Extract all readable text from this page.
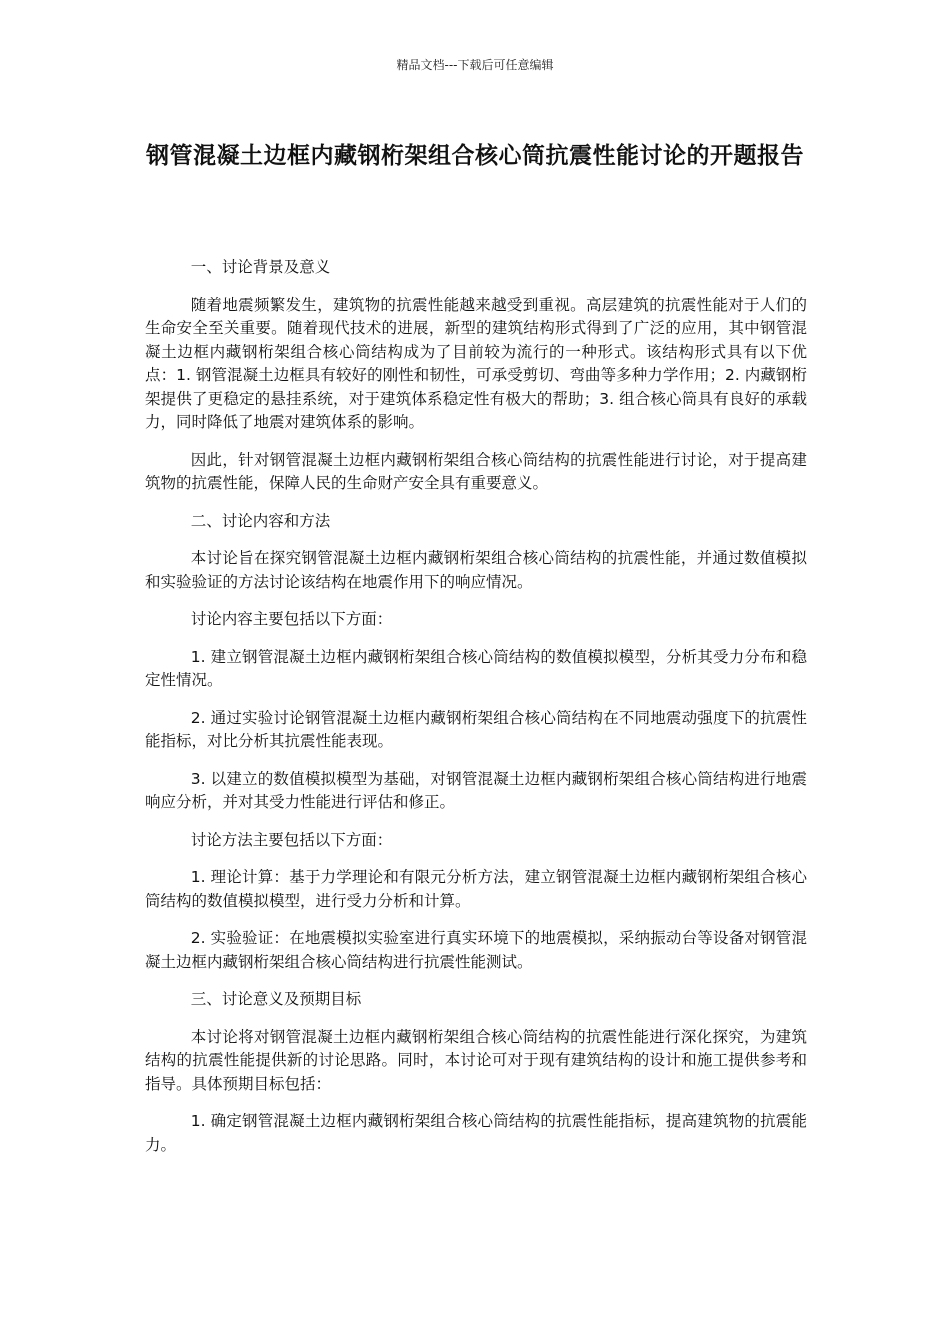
精品文档---下载后可任意编辑
钢管混凝土边框内藏钢桁架组合核心筒抗震性能讨论的开题报告

一、讨论背景及意义

随着地震频繁发生，建筑物的抗震性能越来越受到重视。高层建筑的抗震性能对于人们的生命安全至关重要。随着现代技术的进展，新型的建筑结构形式得到了广泛的应用，其中钢管混凝土边框内藏钢桁架组合核心筒结构成为了目前较为流行的一种形式。该结构形式具有以下优点：1. 钢管混凝土边框具有较好的刚性和韧性，可承受剪切、弯曲等多种力学作用；2. 内藏钢桁架提供了更稳定的悬挂系统，对于建筑体系稳定性有极大的帮助；3. 组合核心筒具有良好的承载力，同时降低了地震对建筑体系的影响。

因此，针对钢管混凝土边框内藏钢桁架组合核心筒结构的抗震性能进行讨论，对于提高建筑物的抗震性能，保障人民的生命财产安全具有重要意义。

二、讨论内容和方法

本讨论旨在探究钢管混凝土边框内藏钢桁架组合核心筒结构的抗震性能，并通过数值模拟和实验验证的方法讨论该结构在地震作用下的响应情况。

讨论内容主要包括以下方面：

1. 建立钢管混凝土边框内藏钢桁架组合核心筒结构的数值模拟模型，分析其受力分布和稳定性情况。

2. 通过实验讨论钢管混凝土边框内藏钢桁架组合核心筒结构在不同地震动强度下的抗震性能指标，对比分析其抗震性能表现。

3. 以建立的数值模拟模型为基础，对钢管混凝土边框内藏钢桁架组合核心筒结构进行地震响应分析，并对其受力性能进行评估和修正。

讨论方法主要包括以下方面：

1. 理论计算：基于力学理论和有限元分析方法，建立钢管混凝土边框内藏钢桁架组合核心筒结构的数值模拟模型，进行受力分析和计算。

2. 实验验证：在地震模拟实验室进行真实环境下的地震模拟，采纳振动台等设备对钢管混凝土边框内藏钢桁架组合核心筒结构进行抗震性能测试。

三、讨论意义及预期目标

本讨论将对钢管混凝土边框内藏钢桁架组合核心筒结构的抗震性能进行深化探究，为建筑结构的抗震性能提供新的讨论思路。同时，本讨论可对于现有建筑结构的设计和施工提供参考和指导。具体预期目标包括：

1. 确定钢管混凝土边框内藏钢桁架组合核心筒结构的抗震性能指标，提高建筑物的抗震能力。
